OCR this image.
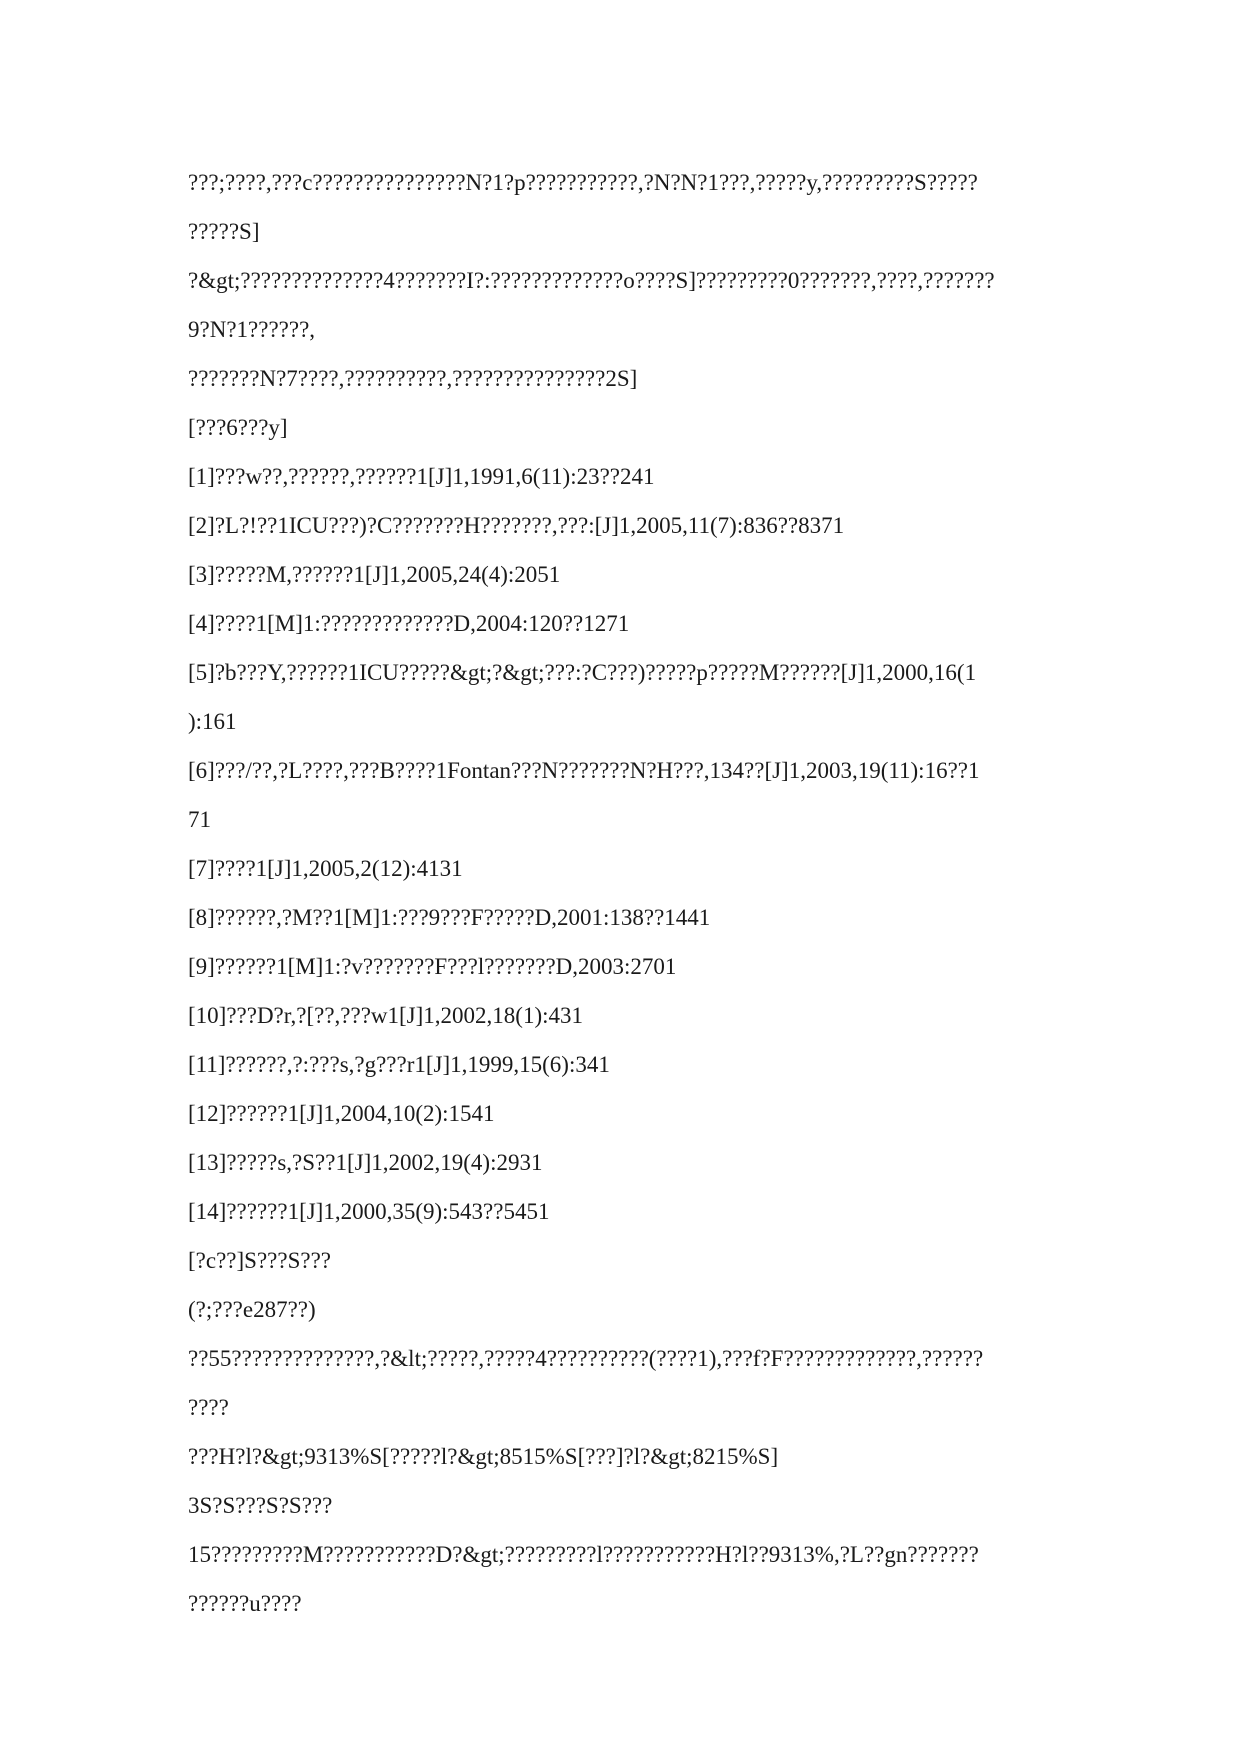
???;????,???c???????????????N?1?p???????????,?N?N?1???,?????y,?????????S?????
?????S]
?&gt;??????????????4???????I?:?????????????o????S]?????????0???????,????,???????
9?N?1??????,
???????N?7????,??????????,???????????????2S]
[???6???y]
[1]???w??,??????,??????1[J]1,1991,6(11):23??241
[2]?L?!??1ICU???)?C???????H???????,???:[J]1,2005,11(7):836??8371
[3]?????M,??????1[J]1,2005,24(4):2051
[4]????1[M]1:?????????????D,2004:120??1271
[5]?b???Y,??????1ICU?????&gt;?&gt;???:?C???)?????p?????M??????[J]1,2000,16(1
):161
[6]???/??,?L????,???B????1Fontan???N???????N?H???,134??[J]1,2003,19(11):16??1
71
[7]????1[J]1,2005,2(12):4131
[8]??????,?M??1[M]1:???9???F?????D,2001:138??1441
[9]??????1[M]1:?v???????F???l???????D,2003:2701
[10]???D?r,?[??,???w1[J]1,2002,18(1):431
[11]??????,?:???s,?g???r1[J]1,1999,15(6):341
[12]??????1[J]1,2004,10(2):1541
[13]?????s,?S??1[J]1,2002,19(4):2931
[14]??????1[J]1,2000,35(9):543??5451
[?c??]S???S???
(?;???e287??)
??55??????????????,?&lt;?????,?????4??????????(????1),???f?F?????????????,??????
????
???H?l?&gt;9313%S[?????l?&gt;8515%S[???]?l?&gt;8215%S]
3S?S???S?S???
15?????????M???????????D?&gt;?????????l???????????H?l??9313%,?L??gn???????
??????u????
